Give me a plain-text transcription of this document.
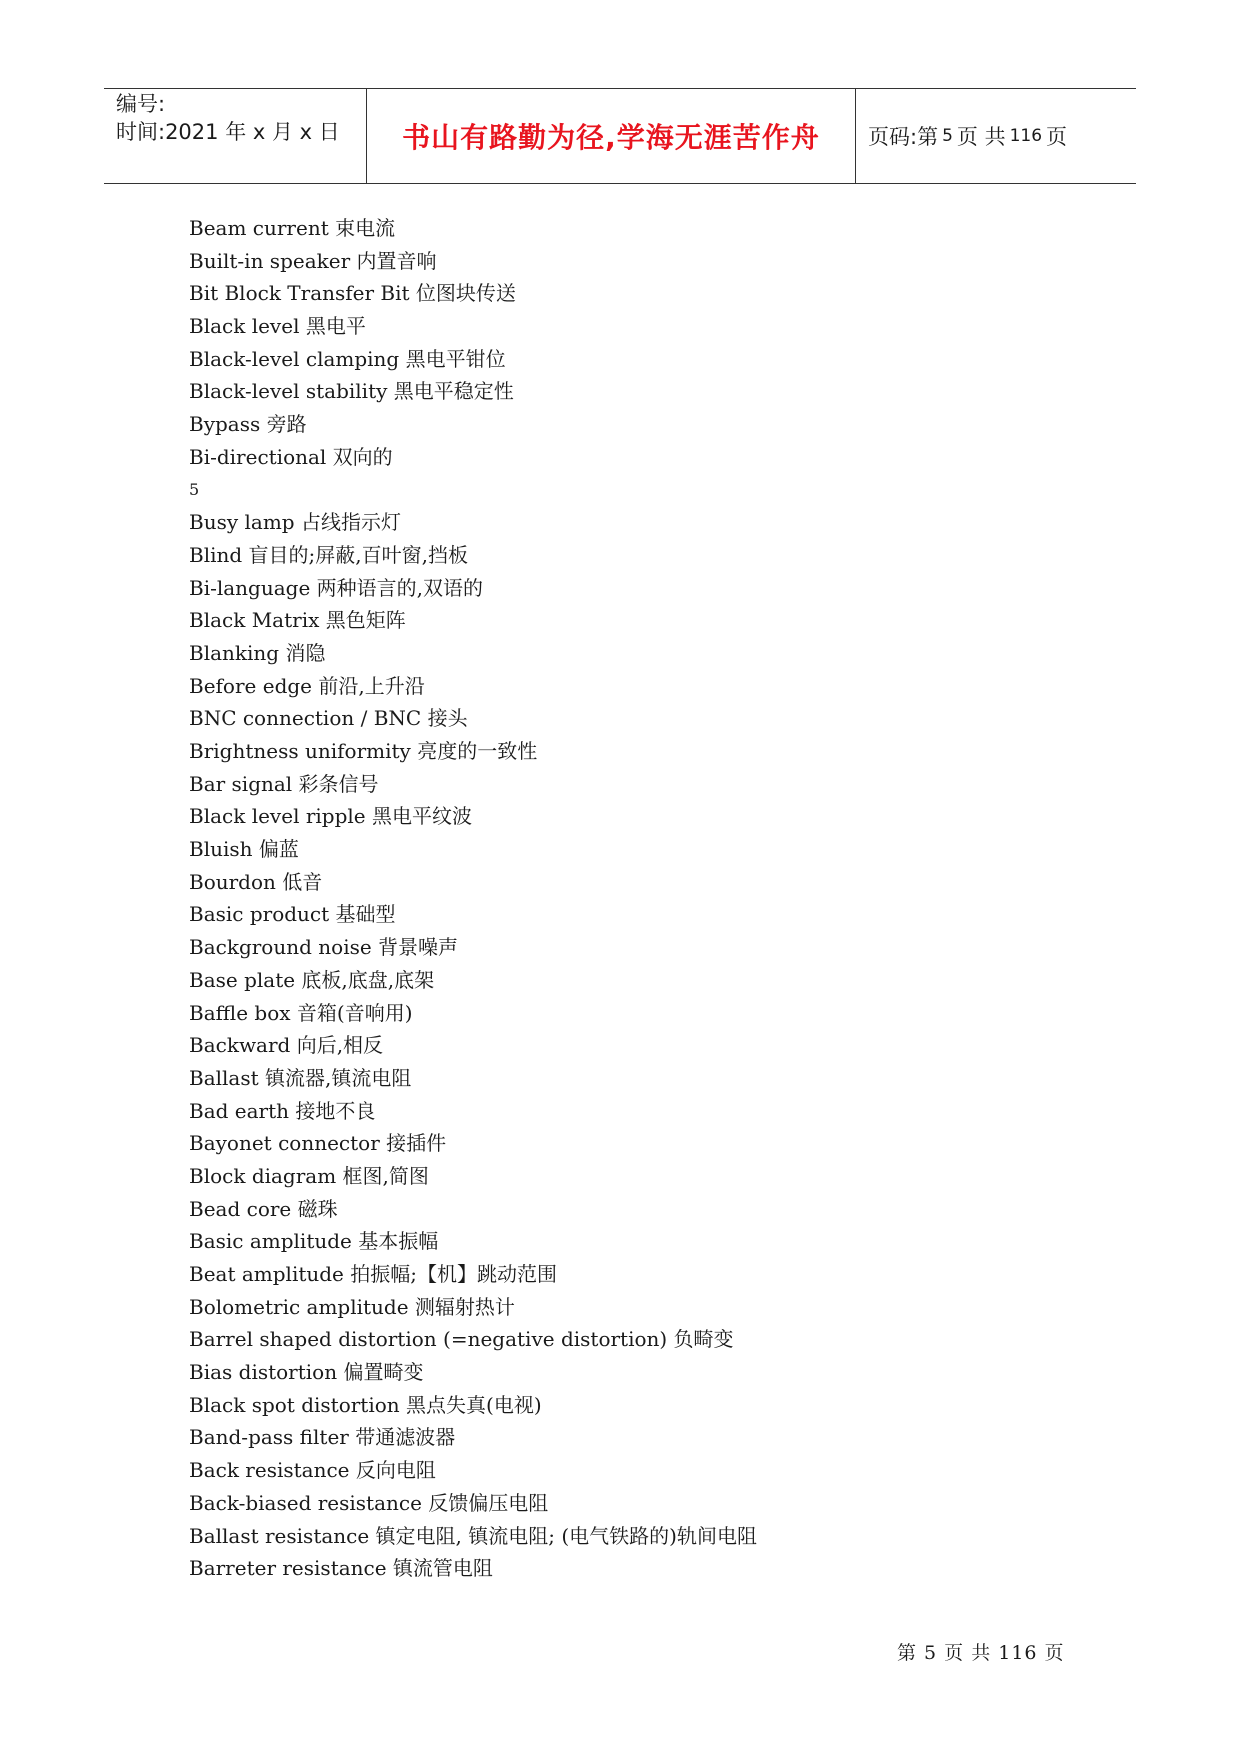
编号:
时间:2021 年 x 月 x 日	书山有路勤为径,学海无涯苦作舟	页码:第 5 页 共 116 页
Beam current 束电流
Built-in speaker 内置音响
Bit Block Transfer Bit 位图块传送
Black level 黑电平
Black-level clamping 黑电平钳位
Black-level stability 黑电平稳定性
Bypass 旁路
Bi-directional 双向的
5
Busy lamp 占线指示灯
Blind 盲目的;屏蔽,百叶窗,挡板
Bi-language 两种语言的,双语的
Black Matrix 黑色矩阵
Blanking 消隐
Before edge 前沿,上升沿
BNC connection / BNC 接头
Brightness uniformity 亮度的一致性
Bar signal 彩条信号
Black level ripple 黑电平纹波
Bluish 偏蓝
Bourdon 低音
Basic product 基础型
Background noise 背景噪声
Base plate 底板,底盘,底架
Baffle box 音箱(音响用)
Backward 向后,相反
Ballast 镇流器,镇流电阻
Bad earth 接地不良
Bayonet connector 接插件
Block diagram 框图,简图
Bead core 磁珠
Basic amplitude 基本振幅
Beat amplitude 拍振幅;【机】跳动范围
Bolometric amplitude 测辐射热计
Barrel shaped distortion (=negative distortion) 负畸变
Bias distortion 偏置畸变
Black spot distortion 黑点失真(电视)
Band-pass filter 带通滤波器
Back resistance 反向电阻
Back-biased resistance 反馈偏压电阻
Ballast resistance 镇定电阻, 镇流电阻; (电气铁路的)轨间电阻
Barreter resistance 镇流管电阻
第 5 页 共 116 页
